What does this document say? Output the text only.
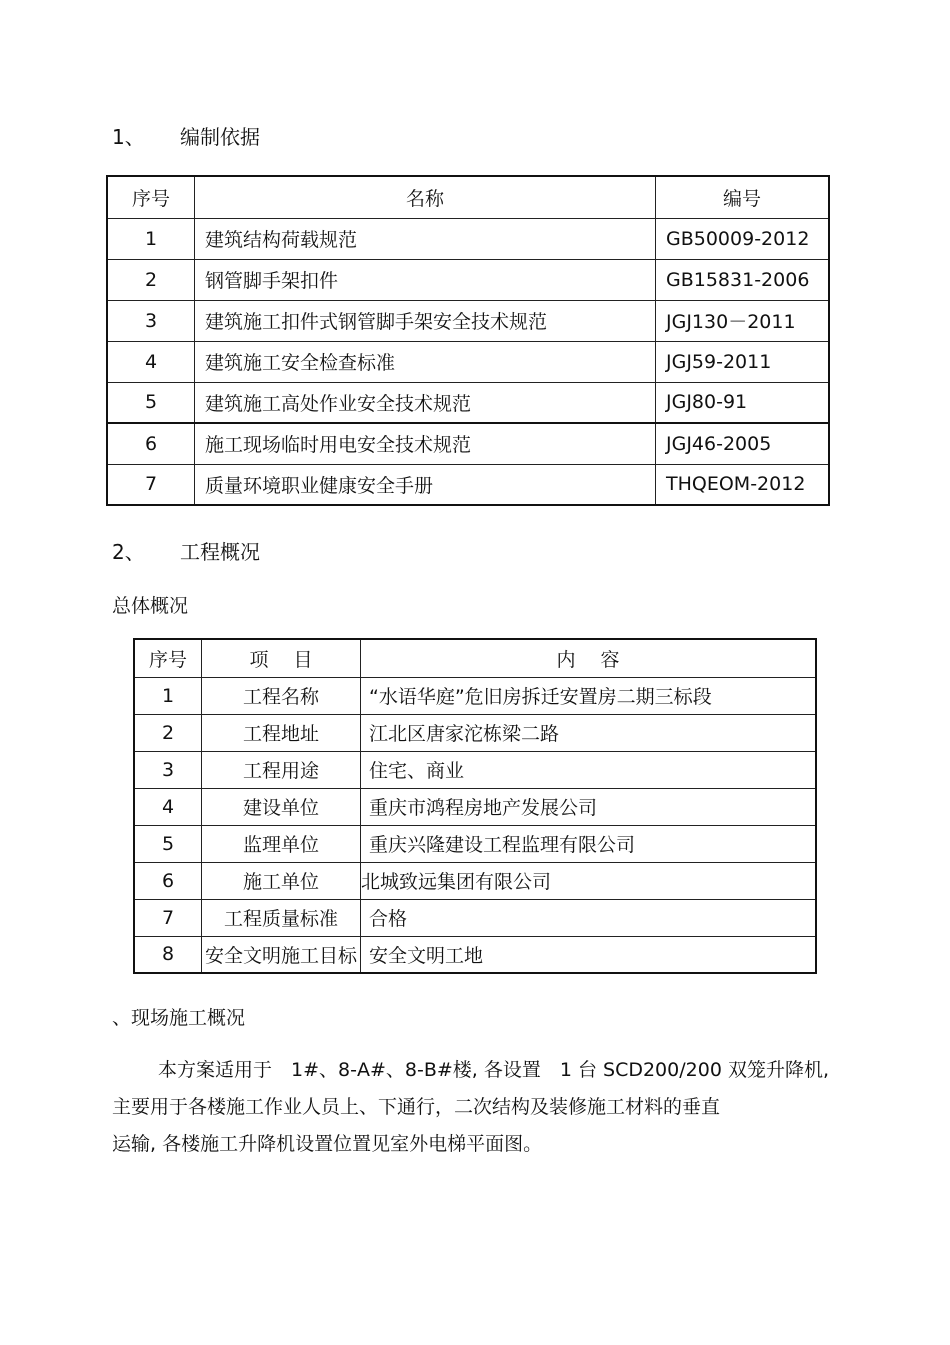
1、 编制依据
序号	名称	编号
1	建筑结构荷载规范	GB50009-2012
2	钢管脚手架扣件	GB15831-2006
3	建筑施工扣件式钢管脚手架安全技术规范	JGJ130－2011
4	建筑施工安全检查标准	JGJ59-2011
5	建筑施工高处作业安全技术规范	JGJ80-91
6	施工现场临时用电安全技术规范	JGJ46-2005
7	质量环境职业健康安全手册	THQEOM-2012
2、 工程概况
总体概况
序号	项　 目	内　 容
1	工程名称	“水语华庭”危旧房拆迁安置房二期三标段
2	工程地址	江北区唐家沱栋梁二路
3	工程用途	住宅、商业
4	建设单位	重庆市鸿程房地产发展公司
5	监理单位	重庆兴隆建设工程监理有限公司
6	施工单位	北城致远集团有限公司
7	工程质量标准	合格
8	安全文明施工目标	安全文明工地
、现场施工概况
本方案适用于　1#、8-A#、8-B#楼, 各设置　1 台 SCD200/200 双笼升降机,
主要用于各楼施工作业人员上、下通行，二次结构及装修施工材料的垂直
运输, 各楼施工升降机设置位置见室外电梯平面图。
